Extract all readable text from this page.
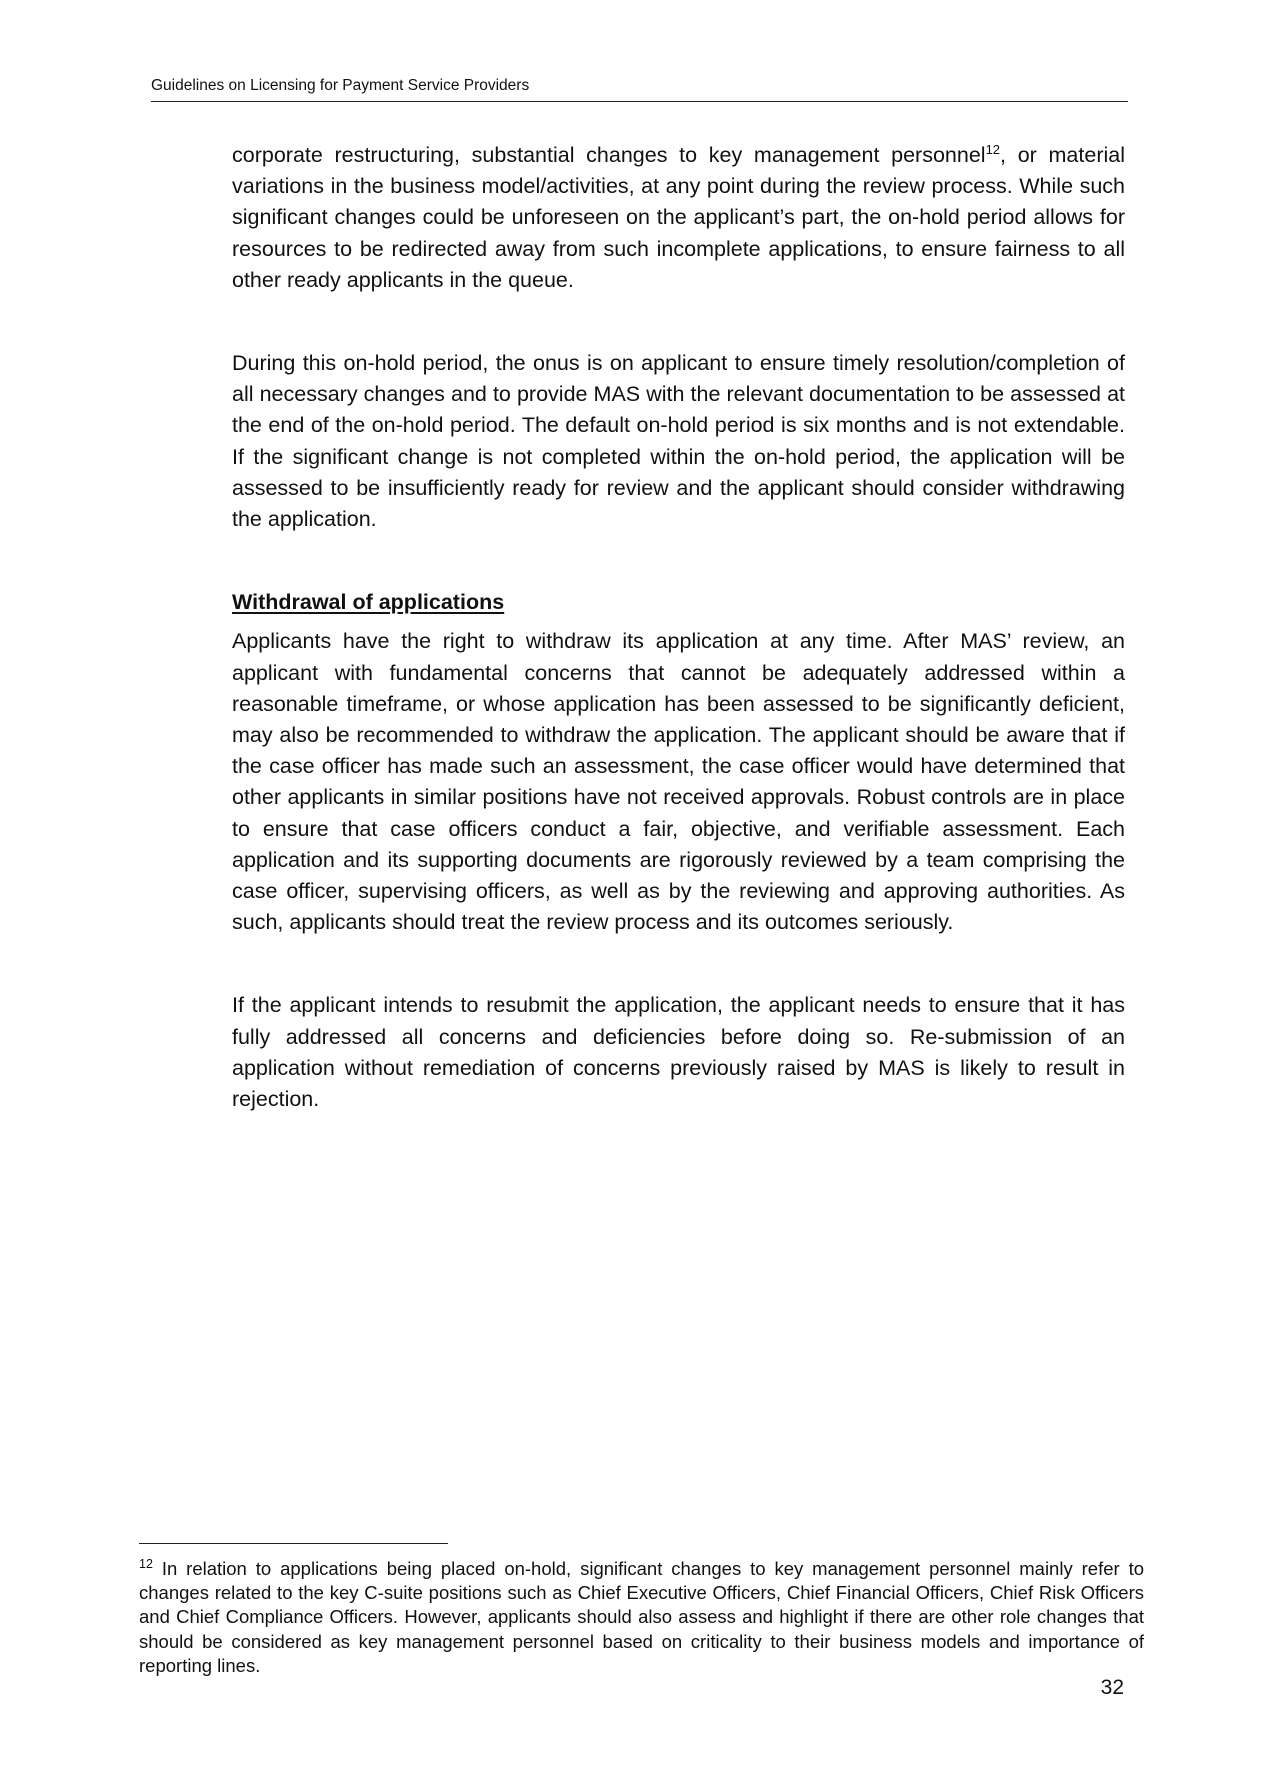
Guidelines on Licensing for Payment Service Providers

corporate restructuring, substantial changes to key management personnel$^{12}$, or material variations in the business model/activities, at any point during the review process. While such significant changes could be unforeseen on the applicant’s part, the on-hold period allows for resources to be redirected away from such incomplete applications, to ensure fairness to all other ready applicants in the queue.

During this on-hold period, the onus is on applicant to ensure timely resolution/completion of all necessary changes and to provide MAS with the relevant documentation to be assessed at the end of the on-hold period. The default on-hold period is six months and is not extendable. If the significant change is not completed within the on-hold period, the application will be assessed to be insufficiently ready for review and the applicant should consider withdrawing the application.

Withdrawal of applications

Applicants have the right to withdraw its application at any time. After MAS’ review, an applicant with fundamental concerns that cannot be adequately addressed within a reasonable timeframe, or whose application has been assessed to be significantly deficient, may also be recommended to withdraw the application. The applicant should be aware that if the case officer has made such an assessment, the case officer would have determined that other applicants in similar positions have not received approvals. Robust controls are in place to ensure that case officers conduct a fair, objective, and verifiable assessment. Each application and its supporting documents are rigorously reviewed by a team comprising the case officer, supervising officers, as well as by the reviewing and approving authorities. As such, applicants should treat the review process and its outcomes seriously.

If the applicant intends to resubmit the application, the applicant needs to ensure that it has fully addressed all concerns and deficiencies before doing so. Re-submission of an application without remediation of concerns previously raised by MAS is likely to result in rejection.

$^{12}$ In relation to applications being placed on-hold, significant changes to key management personnel mainly refer to changes related to the key C-suite positions such as Chief Executive Officers, Chief Financial Officers, Chief Risk Officers and Chief Compliance Officers. However, applicants should also assess and highlight if there are other role changes that should be considered as key management personnel based on criticality to their business models and importance of reporting lines.

32
